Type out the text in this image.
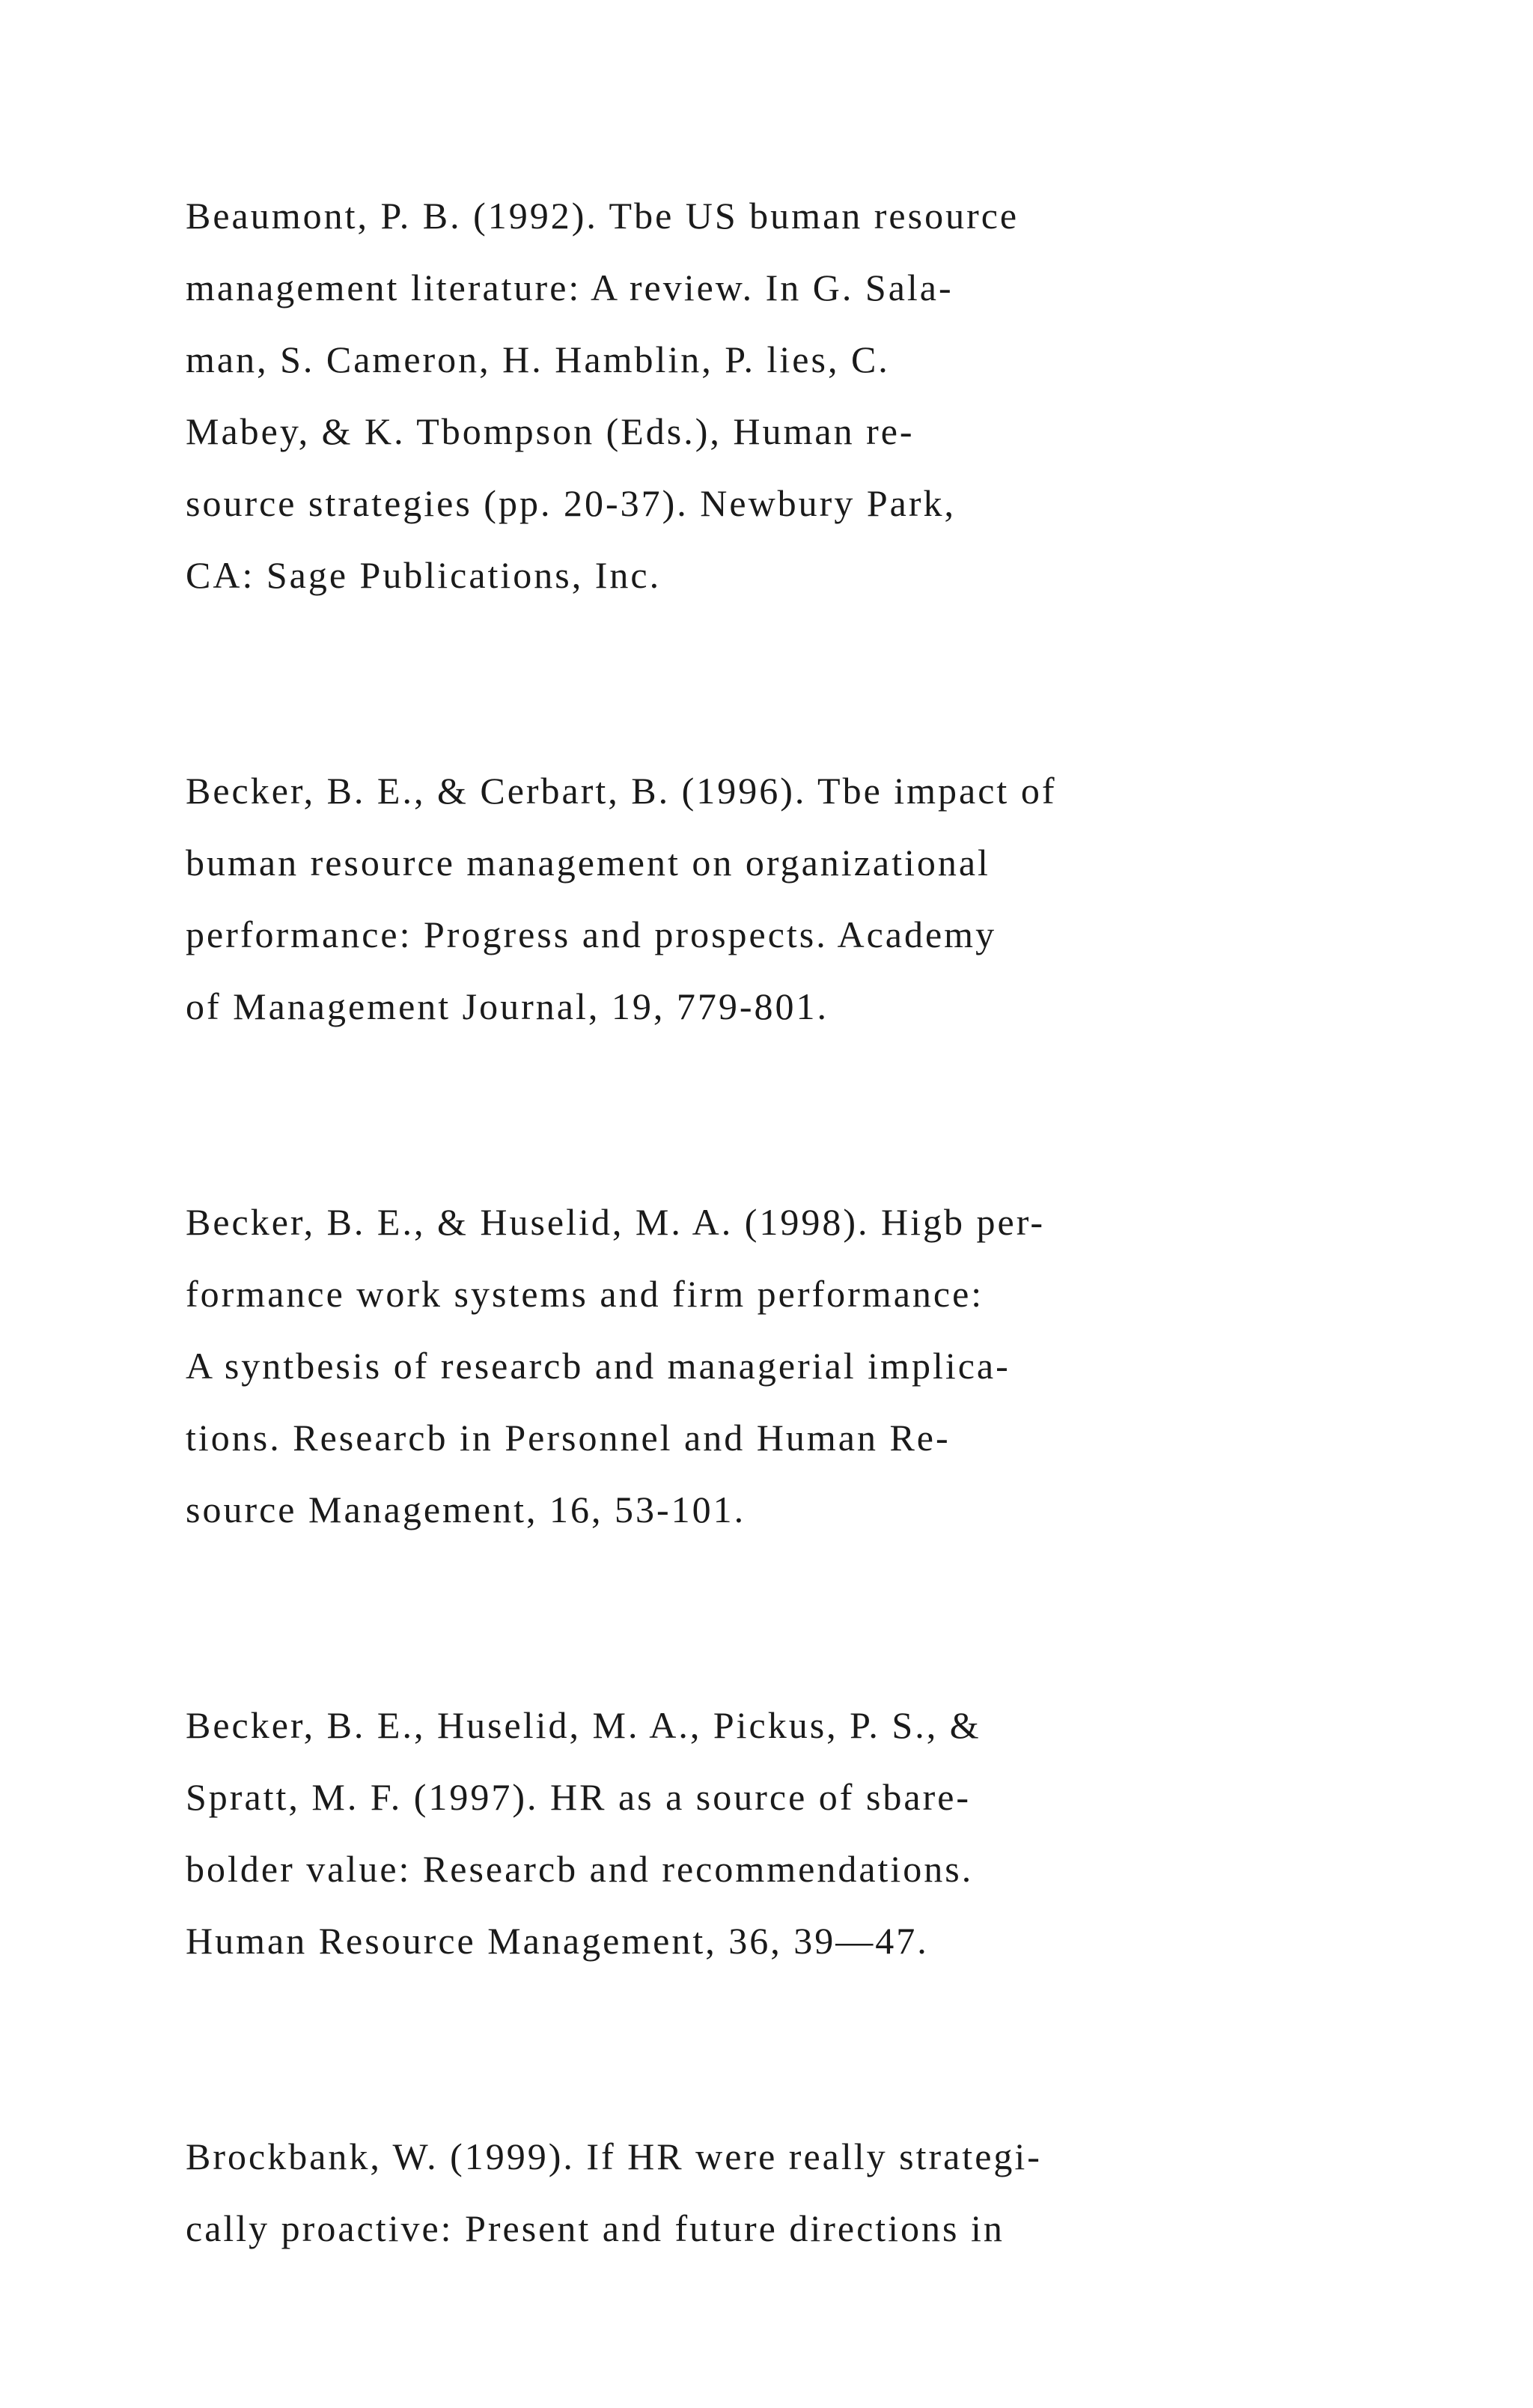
Beaumont, P. B. (1992). Tbe US buman resource
management literature: A review. In G. Sala-
man, S. Cameron, H. Hamblin, P. lies, C.
Mabey, & K. Tbompson (Eds.), Human re-
source strategies (pp. 20-37). Newbury Park,
CA: Sage Publications, Inc.
Becker, B. E., & Cerbart, B. (1996). Tbe impact of
buman resource management on organizational
performance: Progress and prospects. Academy
of Management Journal, 19, 779-801.
Becker, B. E., & Huselid, M. A. (1998). Higb per-
formance work systems and firm performance:
A syntbesis of researcb and managerial implica-
tions. Researcb in Personnel and Human Re-
source Management, 16, 53-101.
Becker, B. E., Huselid, M. A., Pickus, P. S., &
Spratt, M. F. (1997). HR as a source of sbare-
bolder value: Researcb and recommendations.
Human Resource Management, 36, 39—47.
Brockbank, W. (1999). If HR were really strategi-
cally proactive: Present and future directions in
